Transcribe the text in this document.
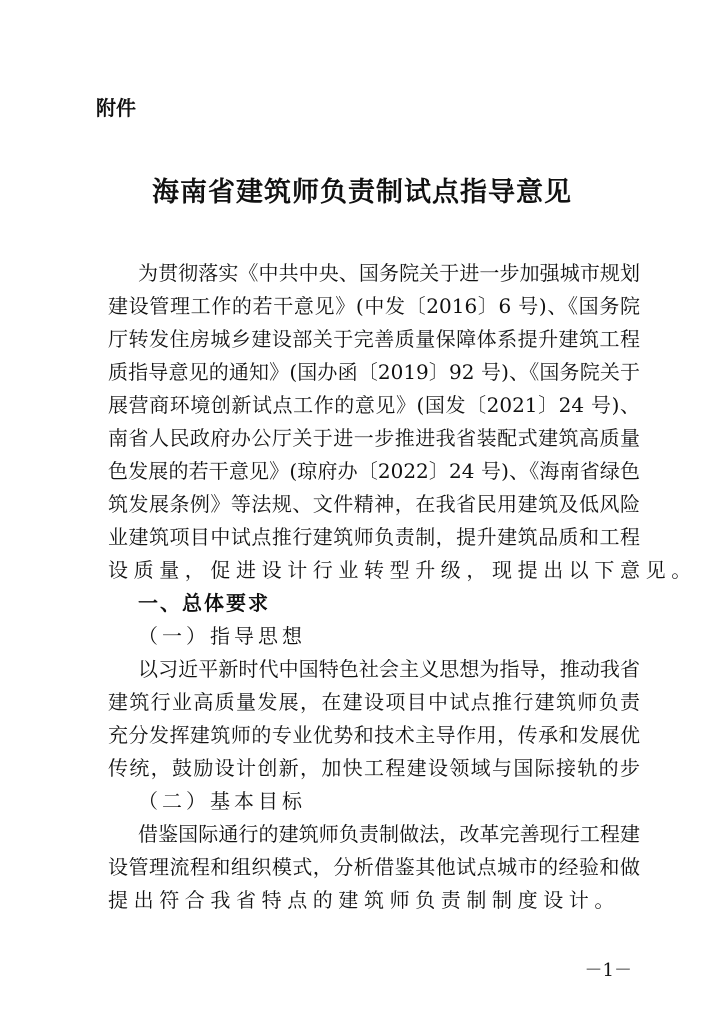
附件
海南省建筑师负责制试点指导意见
为贯彻落实《中共中央、国务院关于进一步加强城市规划
建设管理工作的若干意见》(中发〔2016〕6 号)、《国务院
厅转发住房城乡建设部关于完善质量保障体系提升建筑工程
质指导意见的通知》(国办函〔2019〕92 号)、《国务院关于
展营商环境创新试点工作的意见》(国发〔2021〕24 号)、
南省人民政府办公厅关于进一步推进我省装配式建筑高质量
色发展的若干意见》(琼府办〔2022〕24 号)、《海南省绿色
筑发展条例》等法规、文件精神，在我省民用建筑及低风险
业建筑项目中试点推行建筑师负责制，提升建筑品质和工程
设质量，促进设计行业转型升级，现提出以下意见。
一、总体要求
（一）指导思想
以习近平新时代中国特色社会主义思想为指导，推动我省
建筑行业高质量发展，在建设项目中试点推行建筑师负责
充分发挥建筑师的专业优势和技术主导作用，传承和发展优
传统，鼓励设计创新，加快工程建设领域与国际接轨的步
（二）基本目标
借鉴国际通行的建筑师负责制做法，改革完善现行工程建
设管理流程和组织模式，分析借鉴其他试点城市的经验和做
提出符合我省特点的建筑师负责制制度设计。
－1－
